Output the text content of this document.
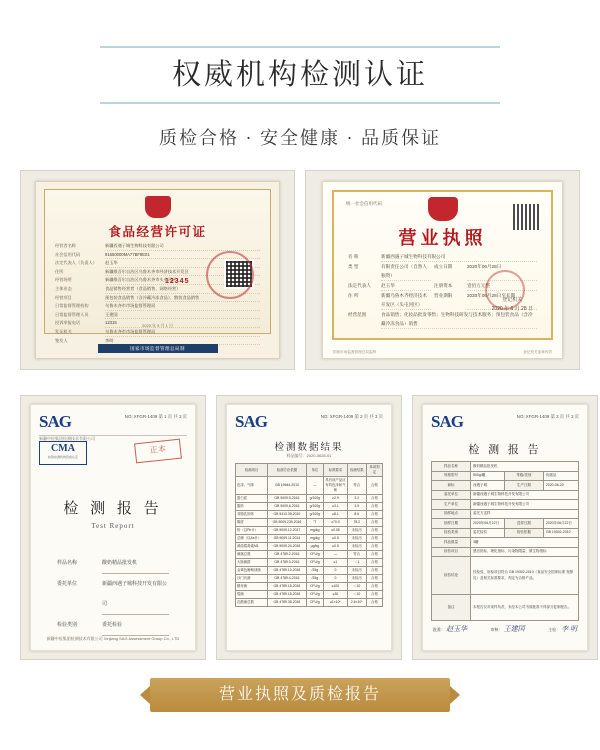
权威机构检测认证
质检合格 · 安全健康 · 品质保证
食品经营许可证
经营者名称	新疆西遇子城生物科技有限公司
社会信用代码	91650000MA77BF9E01
法定代表人（负责人）	赵玉华
住所	新疆维吾尔自治区乌鲁木齐市经济技术开发区
经营场所	新疆维吾尔自治区乌鲁木齐市头屯河区
主体业态	食品销售经营者（食品销售、网络经营）
经营项目	预包装食品销售（含冷藏冷冻食品）、散装食品销售
日常监督管理机构	乌鲁木齐市市场监督管理局
日常监督管理人员	王建国
投诉举报电话	12315
发证机关	乌鲁木齐市市场监督管理局
签发人	李明
12345
2020 年 9 月 1 日
国家市场监督管理总局制
统一社会信用代码
营业执照
名 称	新疆西遇子城生物科技有限公司
类 型	有限责任公司（自然人独资）
成立日期	2020年06月28日
法定代表人	赵玉华	注册资本	壹佰万元整
住 所	新疆乌鲁木齐经济技术开发区（头屯河区）
营业期限	2020年06月28日至长期
经营范围	食品销售；化妆品批发零售；生物科技研发与技术服务；预包装食品（含冷藏冷冻食品）销售
登记机关
2020 年 6 月 28 日
国家市场监督管理总局监制	登记机关盖章有效
SAG
新疆中检集团检测技术有限公司
NO: XFGR-1409 第 1 页 共 3 页
CMA
检验检测机构资质认定
正本
检 测 报 告
Test Report
样品名称	酸奶精品批发机
委托单位	新疆西遇子城科技开发有限公司
检验类别	委托检验
新疆中检集团检测技术有限公司 Xinjiang SAG Assessment Group Co., LTD
SAG	NO: XFGR-1409 第 2 页 共 3 页
检测数据结果
样品编号：2020-0628-01
检测项目	检测方法依据	单位	标准要求	检测结果	单项判定
色泽、气味	GB 19644-2010	—	具有该产品应有的色泽和气味	符合	合格
蛋白质	GB 5009.5-2016	g/100g	≥2.9	3.2	合格
脂肪	GB 5009.6-2016	g/100g	≥3.1	3.5	合格
非脂乳固体	GB 5413.39-2010	g/100g	≥8.1	8.6	合格
酸度	GB 5009.239-2016	°T	≥70.0	78.2	合格
铅（以Pb计）	GB 5009.12-2017	mg/kg	≤0.05	未检出	合格
总砷（以As计）	GB 5009.11-2014	mg/kg	≤0.5	未检出	合格
黄曲霉毒素M1	GB 5009.24-2016	μg/kg	≤0.5	未检出	合格
菌落总数	GB 4789.2-2016	CFU/g	—	符合	合格
大肠菌群	GB 4789.3-2016	CFU/g	≤1	＜1	合格
金黄色葡萄球菌	GB 4789.10-2016	/25g	0	未检出	合格
沙门氏菌	GB 4789.4-2016	/25g	0	未检出	合格
酵母菌	GB 4789.15-2016	CFU/g	≤100	＜10	合格
霉菌	GB 4789.15-2016	CFU/g	≤30	＜10	合格
乳酸菌总数	GB 4789.35-2016	CFU/g	≥1×10⁶	2.6×10⁶	合格
SAG	NO: XFGR-1409 第 3 页 共 3 页
检 测 报 告
样品名称	酸奶精品批发机		
规格型号	500g/罐	等级/类别	优级品
商标	西遇子城	生产日期	2020-06-20
委托单位	新疆西遇子城生物科技开发有限公司		
生产单位	新疆西遇子城生物科技开发有限公司		
抽样地点	委托方送样		
抽样日期	2020年06月22日	送样日期	2020年06月22日
检验类别	委托检验	检验依据	GB 19302-2010
样品数量	3罐		
检验项目	感官指标、理化指标、污染物限量、微生物指标		
检验结论	经检验，所检项目符合 GB 19302-2010《食品安全国家标准 发酵乳》及相关标准要求，判定为合格产品。		
备注	本报告仅对来样负责，未经本公司书面批准不得部分复制报告。		
批准： 赵玉华	审核： 王建国	主检： 李 明
营业执照及质检报告
